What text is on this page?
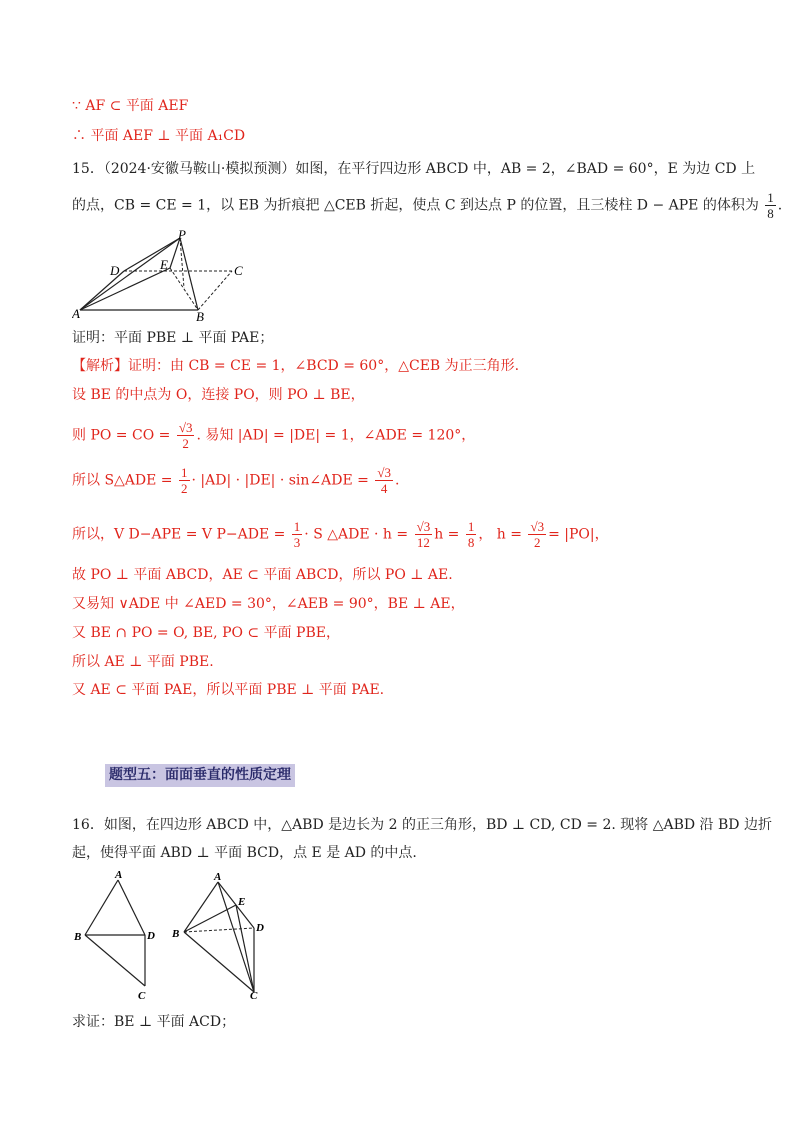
∵ AF ⊂ 平面 AEF
∴ 平面 AEF ⊥ 平面 A₁CD
15．（2024·安徽马鞍山·模拟预测）如图，在平行四边形 ABCD 中，AB = 2，∠BAD = 60°，E 为边 CD 上
的点，CB = CE = 1，以 EB 为折痕把 △CEB 折起，使点 C 到达点 P 的位置，且三棱柱 D − APE 的体积为 $\frac{1}{8}$ .
P
D	E	C
A	B
证明：平面 PBE ⊥ 平面 PAE；
【解析】证明：由 CB = CE = 1，∠BCD = 60°，△CEB 为正三角形.
设 BE 的中点为 O，连接 PO，则 PO ⊥ BE，
则 PO = CO = $\frac{√3}{2}$ . 易知 |AD| = |DE| = 1，∠ADE = 120°，
所以 S△ADE = $\frac{1}{2} \cdot |AD| \cdot |DE|$ · sin∠ADE = $\frac{√3}{4}$ .
所以，V D−APE = V $P-ADE = \frac{1}{3} \cdot S$ △ADE · $h = \frac{√3}{12}$ $h = \frac{1}{8}$ ， $h = \frac{√3}{2} = |PO|$，
故 PO ⊥ 平面 ABCD，AE ⊂ 平面 ABCD，所以 PO ⊥ AE.
又易知 ∨ADE 中 ∠AED = 30°，∠AEB = 90°，BE ⊥ AE，
又 BE ∩ PO = O, BE, PO ⊂ 平面 PBE，
所以 AE ⊥ 平面 PBE.
又 AE ⊂ 平面 PAE，所以平面 PBE ⊥ 平面 PAE.
题型五：面面垂直的性质定理
16．如图，在四边形 ABCD 中，△ABD 是边长为 2 的正三角形，BD ⊥ CD, CD = 2. 现将 △ABD 沿 BD 边折
起，使得平面 ABD ⊥ 平面 BCD，点 E 是 AD 的中点.
A
B	D
C
A
E
B	D
C
求证：BE ⊥ 平面 ACD；
